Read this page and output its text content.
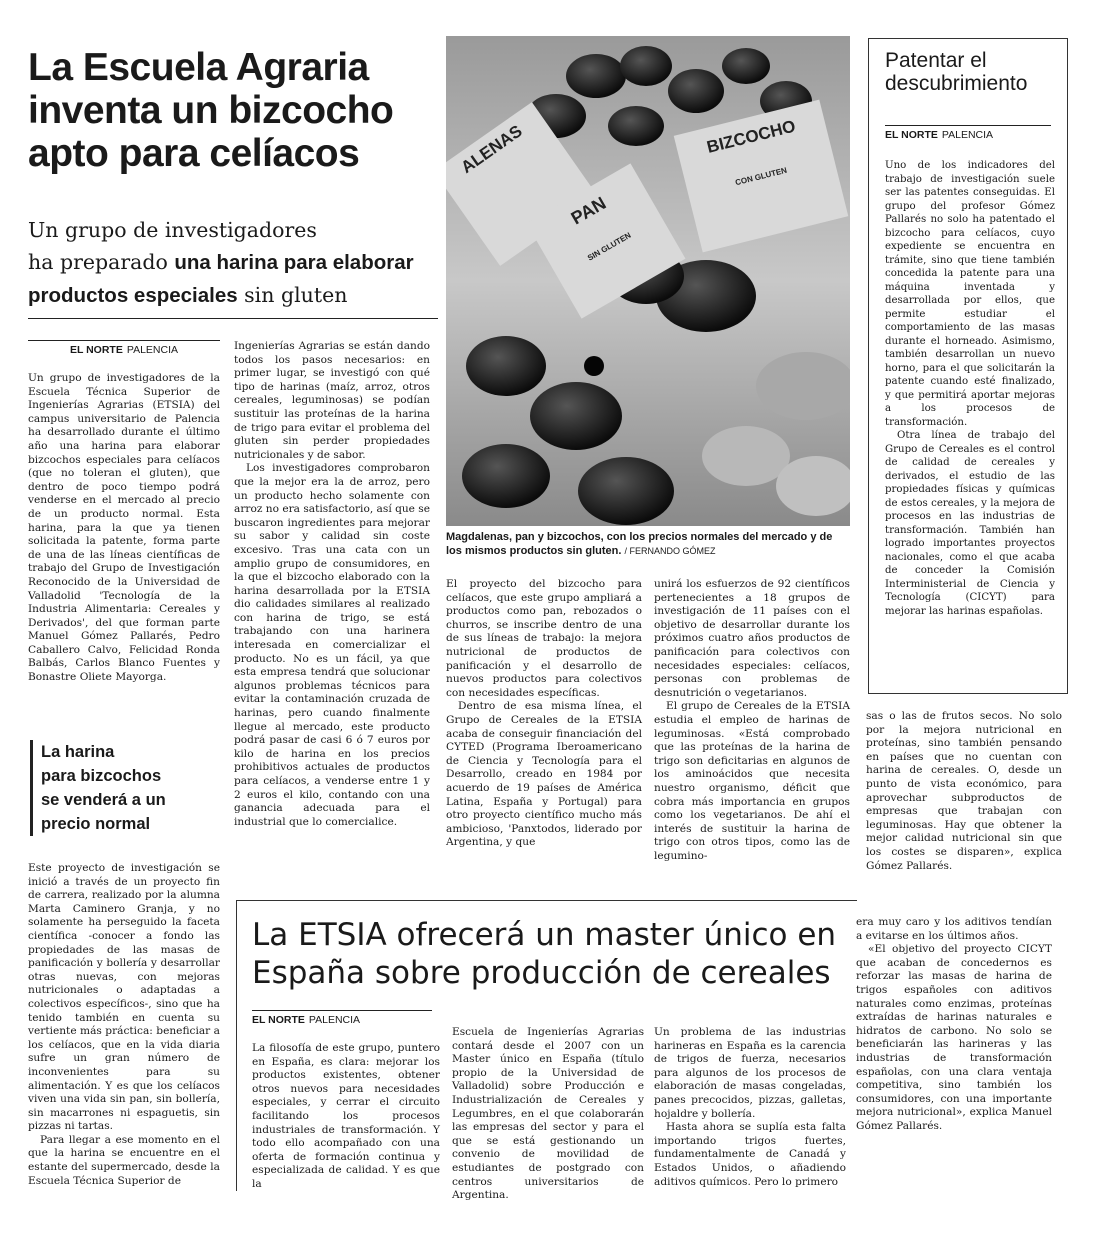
La Escuela Agraria
inventa un bizcocho
apto para celíacos
Un grupo de investigadores
ha preparado una harina para elaborar
productos especiales sin gluten
EL NORTE PALENCIA

Un grupo de investigadores de la Escuela Técnica Superior de Ingenierías Agrarias (ETSIA) del campus universitario de Palencia ha desarrollado durante el último año una harina para elaborar bizcochos especiales para celíacos (que no toleran el gluten), que dentro de poco tiempo podrá venderse en el mercado al precio de un producto normal. Esta harina, para la que ya tienen solicitada la patente, forma parte de una de las líneas científicas de trabajo del Grupo de Investigación Reconocido de la Universidad de Valladolid 'Tecnología de la Industria Alimentaria: Cereales y Derivados', del que forman parte Manuel Gómez Pallarés, Pedro Caballero Calvo, Felicidad Ronda Balbás, Carlos Blanco Fuentes y Bonastre Oliete Mayorga.

La harina
para bizcochos
se venderá a un
precio normal

Este proyecto de investigación se inició a través de un proyecto fin de carrera, realizado por la alumna Marta Caminero Granja, y no solamente ha perseguido la faceta científica -conocer a fondo las propiedades de las masas de panificación y bollería y desarrollar otras nuevas, con mejoras nutricionales o adaptadas a colectivos específicos-, sino que ha tenido también en cuenta su vertiente más práctica: beneficiar a los celíacos, que en la vida diaria sufre un gran número de inconvenientes para su alimentación. Y es que los celíacos viven una vida sin pan, sin bollería, sin macarrones ni espaguetis, sin pizzas ni tartas.

Para llegar a ese momento en el que la harina se encuentre en el estante del supermercado, desde la Escuela Técnica Superior de

Ingenierías Agrarias se están dando todos los pasos necesarios: en primer lugar, se investigó con qué tipo de harinas (maíz, arroz, otros cereales, leguminosas) se podían sustituir las proteínas de la harina de trigo para evitar el problema del gluten sin perder propiedades nutricionales y de sabor.

Los investigadores comprobaron que la mejor era la de arroz, pero un producto hecho solamente con arroz no era satisfactorio, así que se buscaron ingredientes para mejorar su sabor y calidad sin coste excesivo. Tras una cata con un amplio grupo de consumidores, en la que el bizcocho elaborado con la harina desarrollada por la ETSIA dio calidades similares al realizado con harina de trigo, se está trabajando con una harinera interesada en comercializar el producto. No es un fácil, ya que esta empresa tendrá que solucionar algunos problemas técnicos para evitar la contaminación cruzada de harinas, pero cuando finalmente llegue al mercado, este producto podrá pasar de casi 6 ó 7 euros por kilo de harina en los precios prohibitivos actuales de productos para celíacos, a venderse entre 1 y 2 euros el kilo, contando con una ganancia adecuada para el industrial que lo comercialice.

ALENAS
PAN
SIN GLUTEN
BIZCOCHO
CON GLUTEN
Magdalenas, pan y bizcochos, con los precios normales del mercado y de los mismos productos sin gluten. / FERNANDO GÓMEZ

El proyecto del bizcocho para celíacos, que este grupo ampliará a productos como pan, rebozados o churros, se inscribe dentro de una de sus líneas de trabajo: la mejora nutricional de productos de panificación y el desarrollo de nuevos productos para colectivos con necesidades específicas.

Dentro de esa misma línea, el Grupo de Cereales de la ETSIA acaba de conseguir financiación del CYTED (Programa Iberoamericano de Ciencia y Tecnología para el Desarrollo, creado en 1984 por acuerdo de 19 países de América Latina, España y Portugal) para otro proyecto científico mucho más ambicioso, 'Panxtodos, liderado por Argentina, y que

unirá los esfuerzos de 92 científicos pertenecientes a 18 grupos de investigación de 11 países con el objetivo de desarrollar durante los próximos cuatro años productos de panificación para colectivos con necesidades especiales: celíacos, personas con problemas de desnutrición o vegetarianos.

El grupo de Cereales de la ETSIA estudia el empleo de harinas de leguminosas. «Está comprobado que las proteínas de la harina de trigo son deficitarias en algunos de los aminoácidos que necesita nuestro organismo, déficit que cobra más importancia en grupos como los vegetarianos. De ahí el interés de sustituir la harina de trigo con otros tipos, como las de legumino-

Patentar el
descubrimiento
EL NORTE PALENCIA

Uno de los indicadores del trabajo de investigación suele ser las patentes conseguidas. El grupo del profesor Gómez Pallarés no solo ha patentado el bizcocho para celíacos, cuyo expediente se encuentra en trámite, sino que tiene también concedida la patente para una máquina inventada y desarrollada por ellos, que permite estudiar el comportamiento de las masas durante el horneado. Asimismo, también desarrollan un nuevo horno, para el que solicitarán la patente cuando esté finalizado, y que permitirá aportar mejoras a los procesos de transformación.

Otra línea de trabajo del Grupo de Cereales es el control de calidad de cereales y derivados, el estudio de las propiedades físicas y químicas de estos cereales, y la mejora de procesos en las industrias de transformación. También han logrado importantes proyectos nacionales, como el que acaba de conceder la Comisión Interministerial de Ciencia y Tecnología (CICYT) para mejorar las harinas españolas.

sas o las de frutos secos. No solo por la mejora nutricional en proteínas, sino también pensando en países que no cuentan con harina de cereales. O, desde un punto de vista económico, para aprovechar subproductos de empresas que trabajan con leguminosas. Hay que obtener la mejor calidad nutricional sin que los costes se disparen», explica Gómez Pallarés.

La ETSIA ofrecerá un master único en
España sobre producción de cereales
EL NORTE PALENCIA

La filosofía de este grupo, puntero en España, es clara: mejorar los productos existentes, obtener otros nuevos para necesidades especiales, y cerrar el circuito facilitando los procesos industriales de transformación. Y todo ello acompañado con una oferta de formación continua y especializada de calidad. Y es que la

Escuela de Ingenierías Agrarias contará desde el 2007 con un Master único en España (título propio de la Universidad de Valladolid) sobre Producción e Industrialización de Cereales y Legumbres, en el que colaborarán las empresas del sector y para el que se está gestionando un convenio de movilidad de estudiantes de postgrado con centros universitarios de Argentina.

Un problema de las industrias harineras en España es la carencia de trigos de fuerza, necesarios para algunos de los procesos de elaboración de masas congeladas, panes precocidos, pizzas, galletas, hojaldre y bollería.

Hasta ahora se suplía esta falta importando trigos fuertes, fundamentalmente de Canadá y Estados Unidos, o añadiendo aditivos químicos. Pero lo primero

era muy caro y los aditivos tendían a evitarse en los últimos años.

«El objetivo del proyecto CICYT que acaban de concedernos es reforzar las masas de harina de trigos españoles con aditivos naturales como enzimas, proteínas extraídas de harinas naturales e hidratos de carbono. No solo se beneficiarán las harineras y las industrias de transformación españolas, con una clara ventaja competitiva, sino también los consumidores, con una importante mejora nutricional», explica Manuel Gómez Pallarés.
